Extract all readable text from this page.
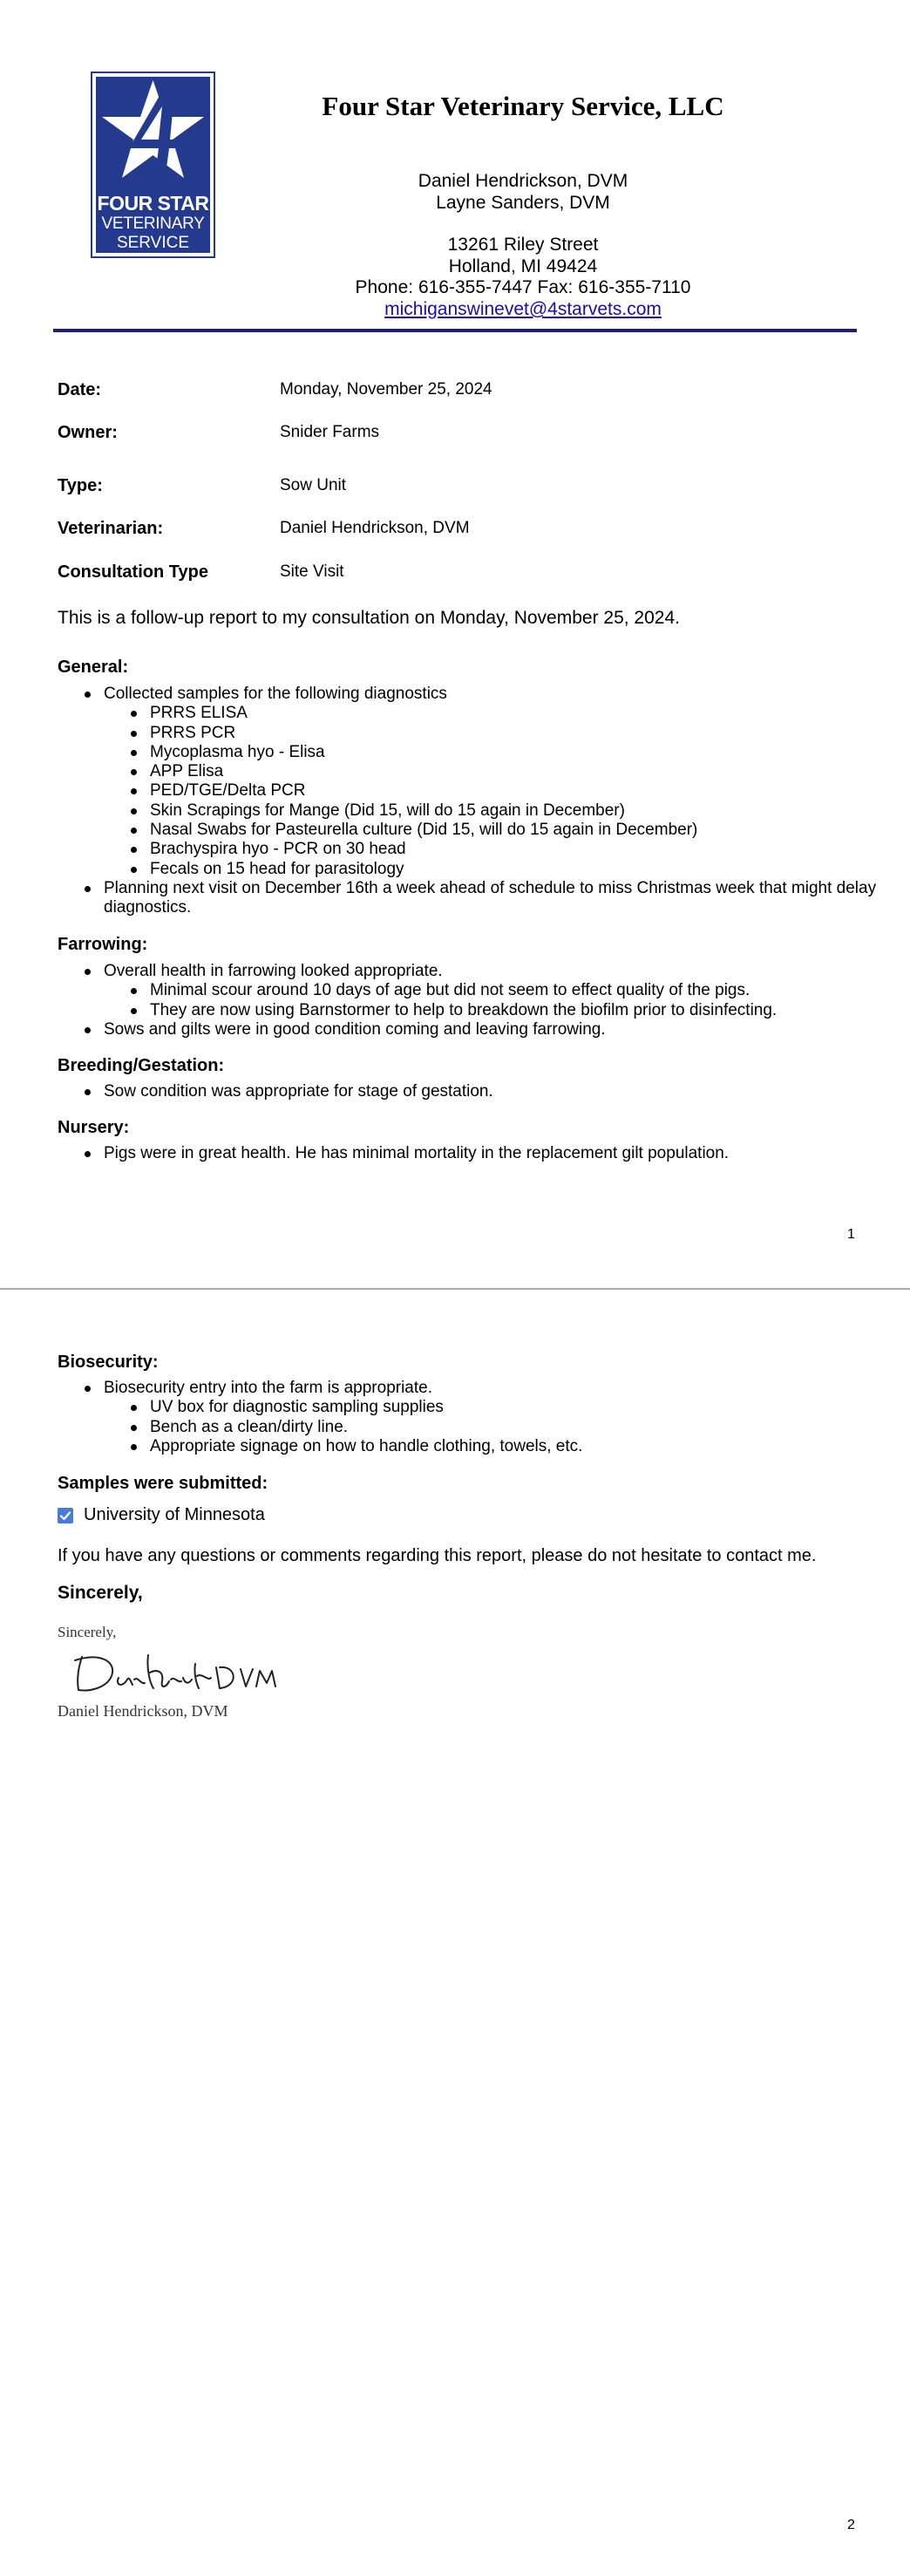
FOUR STAR
VETERINARY
SERVICE
Four Star Veterinary Service, LLC
Daniel Hendrickson, DVM
Layne Sanders, DVM
13261 Riley Street
Holland, MI 49424
Phone: 616-355-7447 Fax: 616-355-7110
michiganswinevet@4starvets.com
Date:	Monday, November 25, 2024
Owner:	Snider Farms
Type:	Sow Unit
Veterinarian:	Daniel Hendrickson, DVM
Consultation Type	Site Visit
This is a follow-up report to my consultation on Monday, November 25, 2024.
General:
Collected samples for the following diagnostics
PRRS ELISA
PRRS PCR
Mycoplasma hyo - Elisa
APP Elisa
PED/TGE/Delta PCR
Skin Scrapings for Mange (Did 15, will do 15 again in December)
Nasal Swabs for Pasteurella culture (Did 15, will do 15 again in December)
Brachyspira hyo - PCR on 30 head
Fecals on 15 head for parasitology
Planning next visit on December 16th a week ahead of schedule to miss Christmas week that might delay diagnostics.
Farrowing:
Overall health in farrowing looked appropriate.
Minimal scour around 10 days of age but did not seem to effect quality of the pigs.
They are now using Barnstormer to help to breakdown the biofilm prior to disinfecting.
Sows and gilts were in good condition coming and leaving farrowing.
Breeding/Gestation:
Sow condition was appropriate for stage of gestation.
Nursery:
Pigs were in great health. He has minimal mortality in the replacement gilt population.
1
Biosecurity:
Biosecurity entry into the farm is appropriate.
UV box for diagnostic sampling supplies
Bench as a clean/dirty line.
Appropriate signage on how to handle clothing, towels, etc.
Samples were submitted:
University of Minnesota
If you have any questions or comments regarding this report, please do not hesitate to contact me.
Sincerely,
Sincerely,
Daniel Hendrickson, DVM
2
